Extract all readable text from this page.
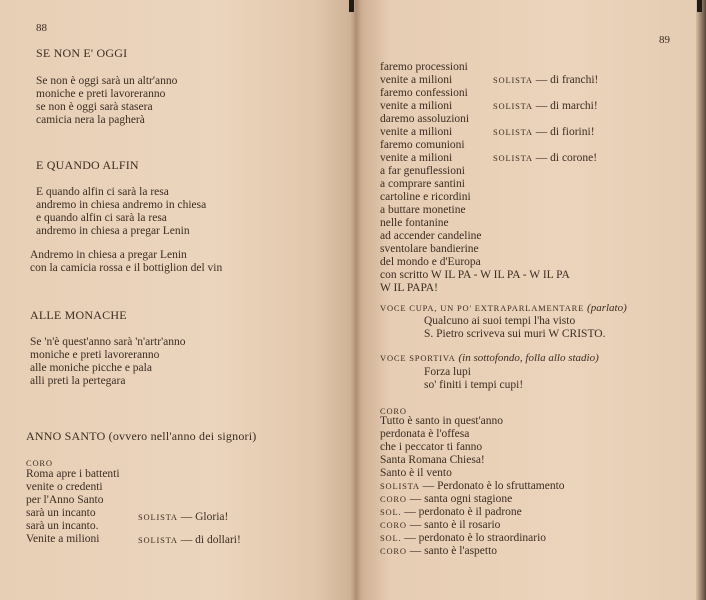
88
SE NON E' OGGI
Se non è oggi sarà un altr'anno
moniche e preti lavoreranno
se non è oggi sarà stasera
camicia nera la pagherà
E QUANDO ALFIN
E quando alfin ci sarà la resa
andremo in chiesa andremo in chiesa
e quando alfin ci sarà la resa
andremo in chiesa a pregar Lenin
Andremo in chiesa a pregar Lenin
con la camicia rossa e il bottiglion del vin
ALLE MONACHE
Se 'n'è quest'anno sarà 'n'artr'anno
moniche e preti lavoreranno
alle moniche picche e pala
alli preti la pertegara
ANNO SANTO (ovvero nell'anno dei signori)
CORO
Roma apre i battenti
venite o credenti
per l'Anno Santo
sarà un incanto
sarà un incanto.
Venite a milioni
SOLISTA — Gloria!
SOLISTA — di dollari!
89
faremo processioni
venite a milioni
faremo confessioni
venite a milioni
daremo assoluzioni
venite a milioni
faremo comunioni
venite a milioni
a far genuflessioni
a comprare santini
cartoline e ricordini
a buttare monetine
nelle fontanine
ad accender candeline
sventolare bandierine
del mondo e d'Europa
con scritto W IL PA - W IL PA - W IL PA
W IL PAPA!
SOLISTA — di franchi!
SOLISTA — di marchi!
SOLISTA — di fiorini!
SOLISTA — di corone!
VOCE CUPA, UN PO' EXTRAPARLAMENTARE (parlato)
Qualcuno ai suoi tempi l'ha visto
S. Pietro scriveva sui muri W CRISTO.
VOCE SPORTIVA (in sottofondo, folla allo stadio)
Forza lupi
so' finiti i tempi cupi!
CORO
Tutto è santo in quest'anno
perdonata è l'offesa
che i peccator ti fanno
Santa Romana Chiesa!
Santo è il vento
SOLISTA — Perdonato è lo sfruttamento
CORO — santa ogni stagione
SOL. — perdonato è il padrone
CORO — santo è il rosario
SOL. — perdonato è lo straordinario
CORO — santo è l'aspetto
